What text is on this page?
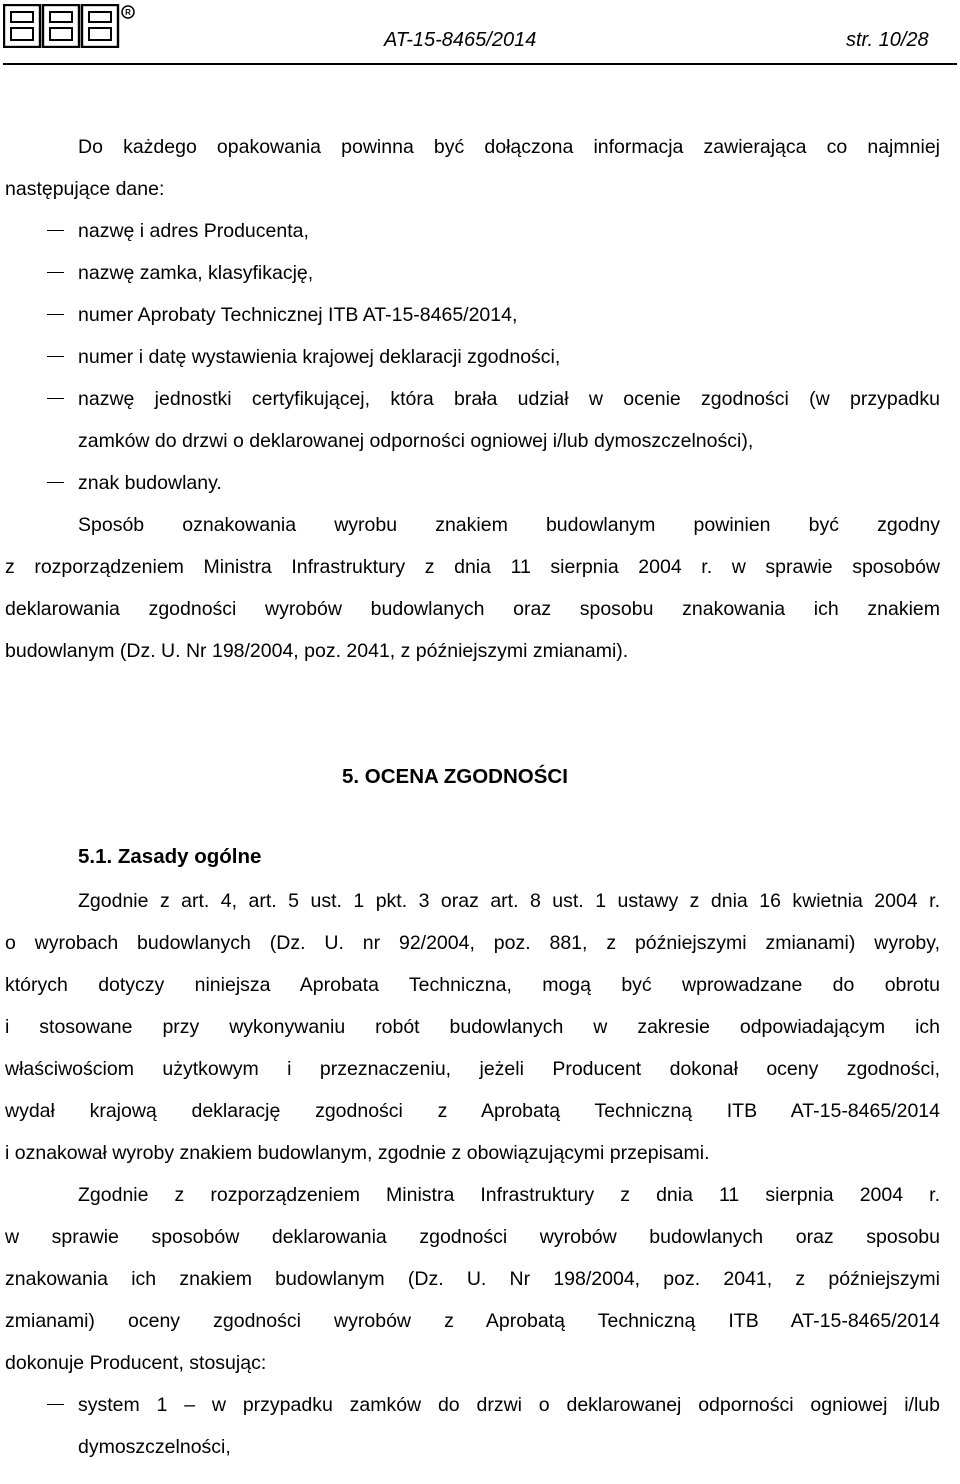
R
AT-15-8465/2014	str. 10/28
Do każdego opakowania powinna być dołączona informacja zawierająca co najmniej
następujące dane:
nazwę i adres Producenta,
nazwę zamka, klasyfikację,
numer Aprobaty Technicznej ITB AT-15-8465/2014,
numer i datę wystawienia krajowej deklaracji zgodności,
nazwę jednostki certyfikującej, która brała udział w ocenie zgodności (w przypadku
zamków do drzwi o deklarowanej odporności ogniowej i/lub dymoszczelności),
znak budowlany.
Sposób oznakowania wyrobu znakiem budowlanym powinien być zgodny
z rozporządzeniem Ministra Infrastruktury z dnia 11 sierpnia 2004 r. w sprawie sposobów
deklarowania zgodności wyrobów budowlanych oraz sposobu znakowania ich znakiem
budowlanym (Dz. U. Nr 198/2004, poz. 2041, z późniejszymi zmianami).
5. OCENA ZGODNOŚCI
5.1. Zasady ogólne
Zgodnie z art. 4, art. 5 ust. 1 pkt. 3 oraz art. 8 ust. 1 ustawy z dnia 16 kwietnia 2004 r.
o wyrobach budowlanych (Dz. U. nr 92/2004, poz. 881, z późniejszymi zmianami) wyroby,
których dotyczy niniejsza Aprobata Techniczna, mogą być wprowadzane do obrotu
i stosowane przy wykonywaniu robót budowlanych w zakresie odpowiadającym ich
właściwościom użytkowym i przeznaczeniu, jeżeli Producent dokonał oceny zgodności,
wydał krajową deklarację zgodności z Aprobatą Techniczną ITB AT-15-8465/2014
i oznakował wyroby znakiem budowlanym, zgodnie z obowiązującymi przepisami.
Zgodnie z rozporządzeniem Ministra Infrastruktury z dnia 11 sierpnia 2004 r.
w sprawie sposobów deklarowania zgodności wyrobów budowlanych oraz sposobu
znakowania ich znakiem budowlanym (Dz. U. Nr 198/2004, poz. 2041, z późniejszymi
zmianami) oceny zgodności wyrobów z Aprobatą Techniczną ITB AT-15-8465/2014
dokonuje Producent, stosując:
system 1 – w przypadku zamków do drzwi o deklarowanej odporności ogniowej i/lub
dymoszczelności,
